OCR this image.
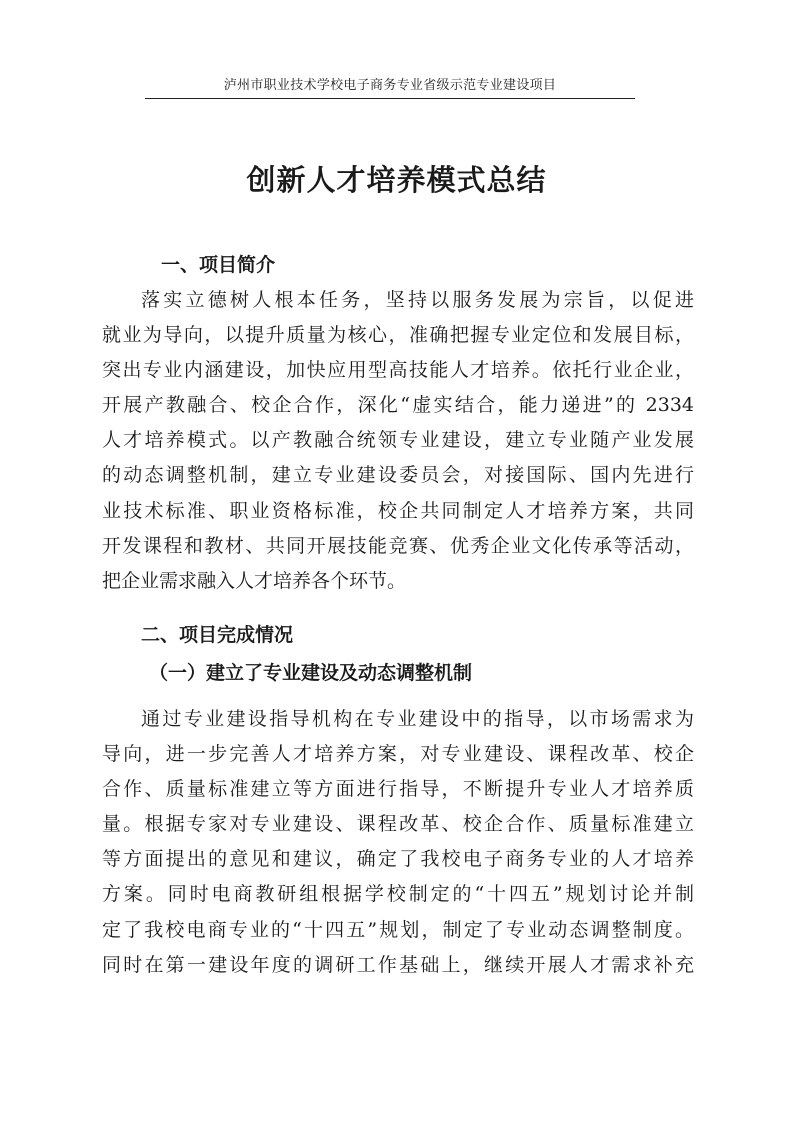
泸州市职业技术学校电子商务专业省级示范专业建设项目
创新人才培养模式总结
一、项目简介
落实立德树人根本任务，坚持以服务发展为宗旨，以促进
就业为导向，以提升质量为核心，准确把握专业定位和发展目标，
突出专业内涵建设，加快应用型高技能人才培养。依托行业企业，
开展产教融合、校企合作，深化“虚实结合，能力递进”的 2334
人才培养模式。以产教融合统领专业建设，建立专业随产业发展
的动态调整机制，建立专业建设委员会，对接国际、国内先进行
业技术标准、职业资格标准，校企共同制定人才培养方案，共同
开发课程和教材、共同开展技能竞赛、优秀企业文化传承等活动，
把企业需求融入人才培养各个环节。
二、项目完成情况
（一）建立了专业建设及动态调整机制
通过专业建设指导机构在专业建设中的指导，以市场需求为
导向，进一步完善人才培养方案，对专业建设、课程改革、校企
合作、质量标准建立等方面进行指导，不断提升专业人才培养质
量。根据专家对专业建设、课程改革、校企合作、质量标准建立
等方面提出的意见和建议，确定了我校电子商务专业的人才培养
方案。同时电商教研组根据学校制定的“十四五”规划讨论并制
定了我校电商专业的“十四五”规划，制定了专业动态调整制度。
同时在第一建设年度的调研工作基础上，继续开展人才需求补充
